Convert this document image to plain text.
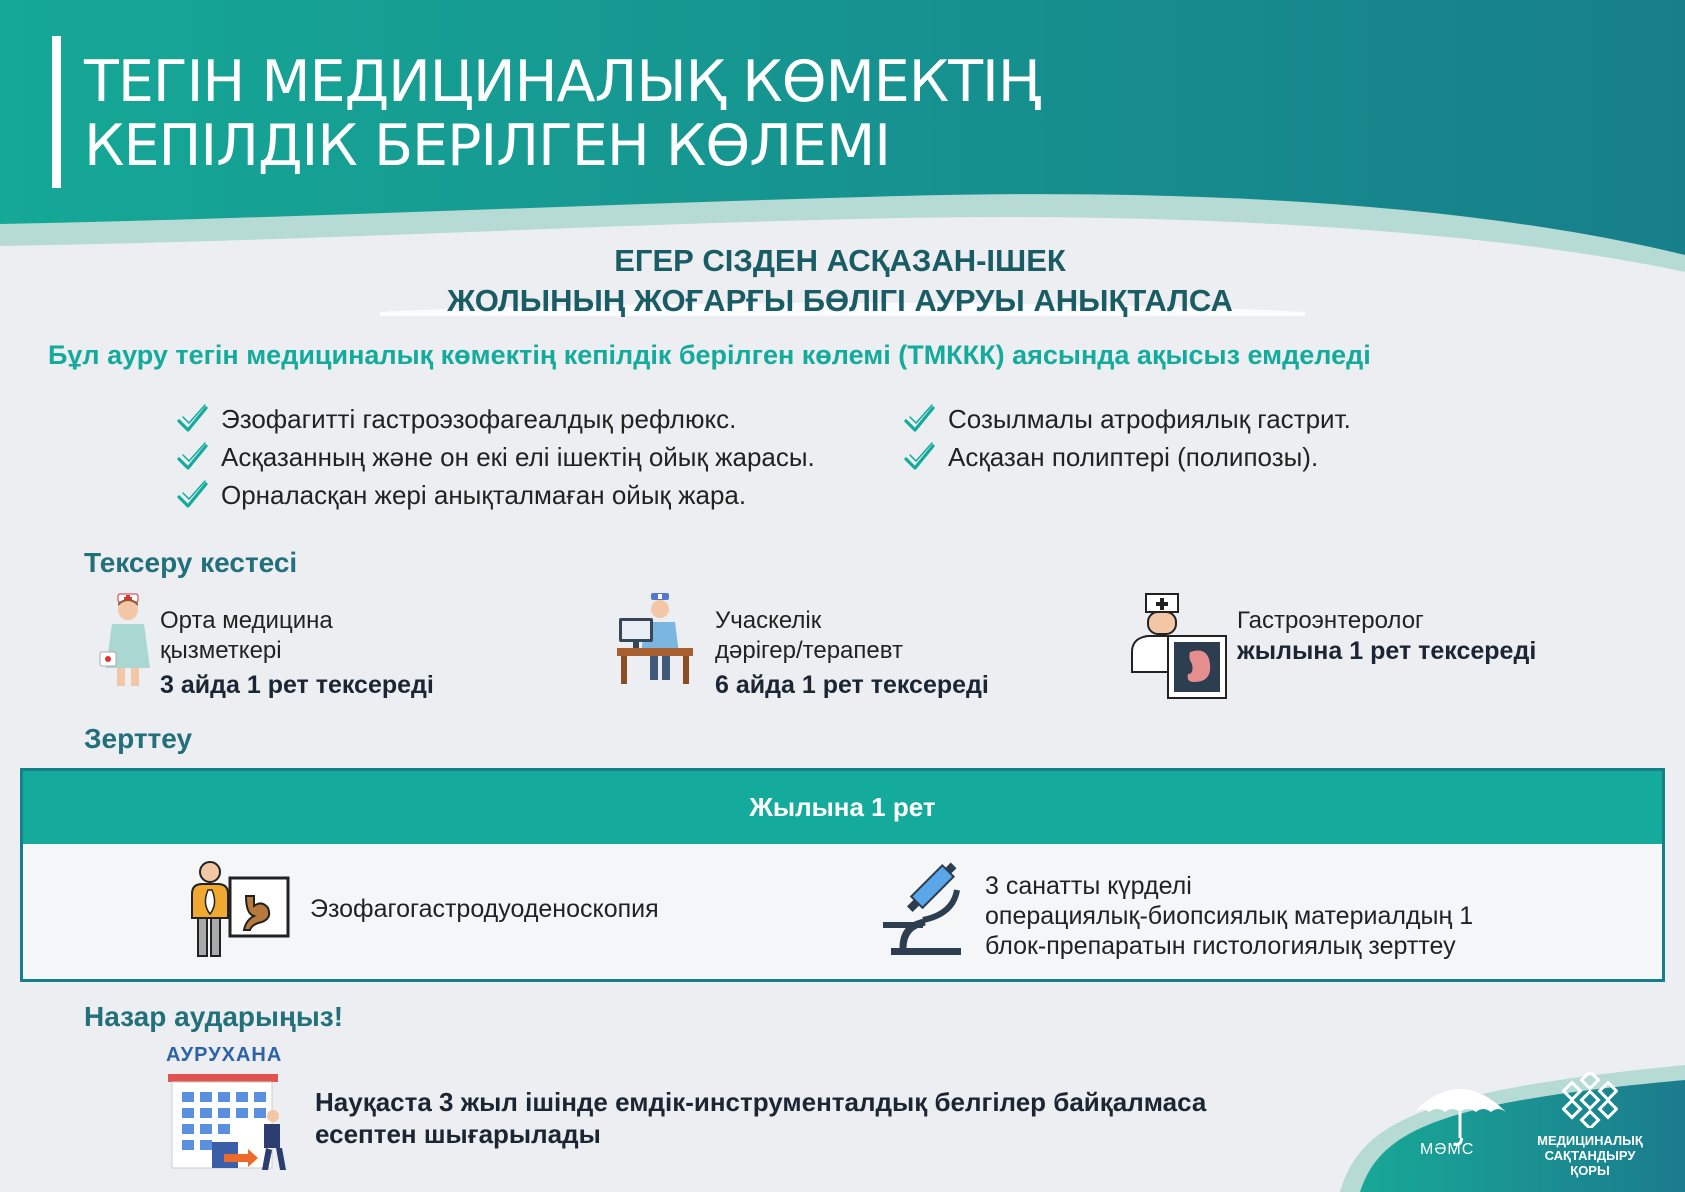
ТЕГІН МЕДИЦИНАЛЫҚ КӨМЕКТІҢ
КЕПІЛДІК БЕРІЛГЕН КӨЛЕМІ
ЕГЕР СІЗДЕН АСҚАЗАН-ІШЕК
ЖОЛЫНЫҢ ЖОҒАРҒЫ БӨЛІГІ АУРУЫ АНЫҚТАЛСА
Бұл ауру тегін медициналық көмектің кепілдік берілген көлемі (ТМККК) аясында ақысыз емделеді
Эзофагитті гастроэзофагеалдық рефлюкс.
Асқазанның және он екі елі ішектің ойық жарасы.
Орналасқан жері анықталмаған ойық жара.
Созылмалы атрофиялық гастрит.
Асқазан полиптері (полипозы).
Тексеру кестесі
Орта медицина
қызметкері
3 айда 1 рет тексереді
Учаскелік
дәрігер/терапевт
6 айда 1 рет тексереді
Гастроэнтеролог
жылына 1 рет тексереді
Зерттеу
Жылына 1 рет
Эзофагогастродуоденоскопия
3 санатты күрделі
операциялық-биопсиялық материалдың 1
блок-препаратын гистологиялық зерттеу
Назар аударыңыз!
АУРУХАНА
Науқаста 3 жыл ішінде емдік-инструменталдық белгілер байқалмаса
есептен шығарылады
МӘМС
МЕДИЦИНАЛЫҚ
САҚТАНДЫРУ
ҚОРЫ
